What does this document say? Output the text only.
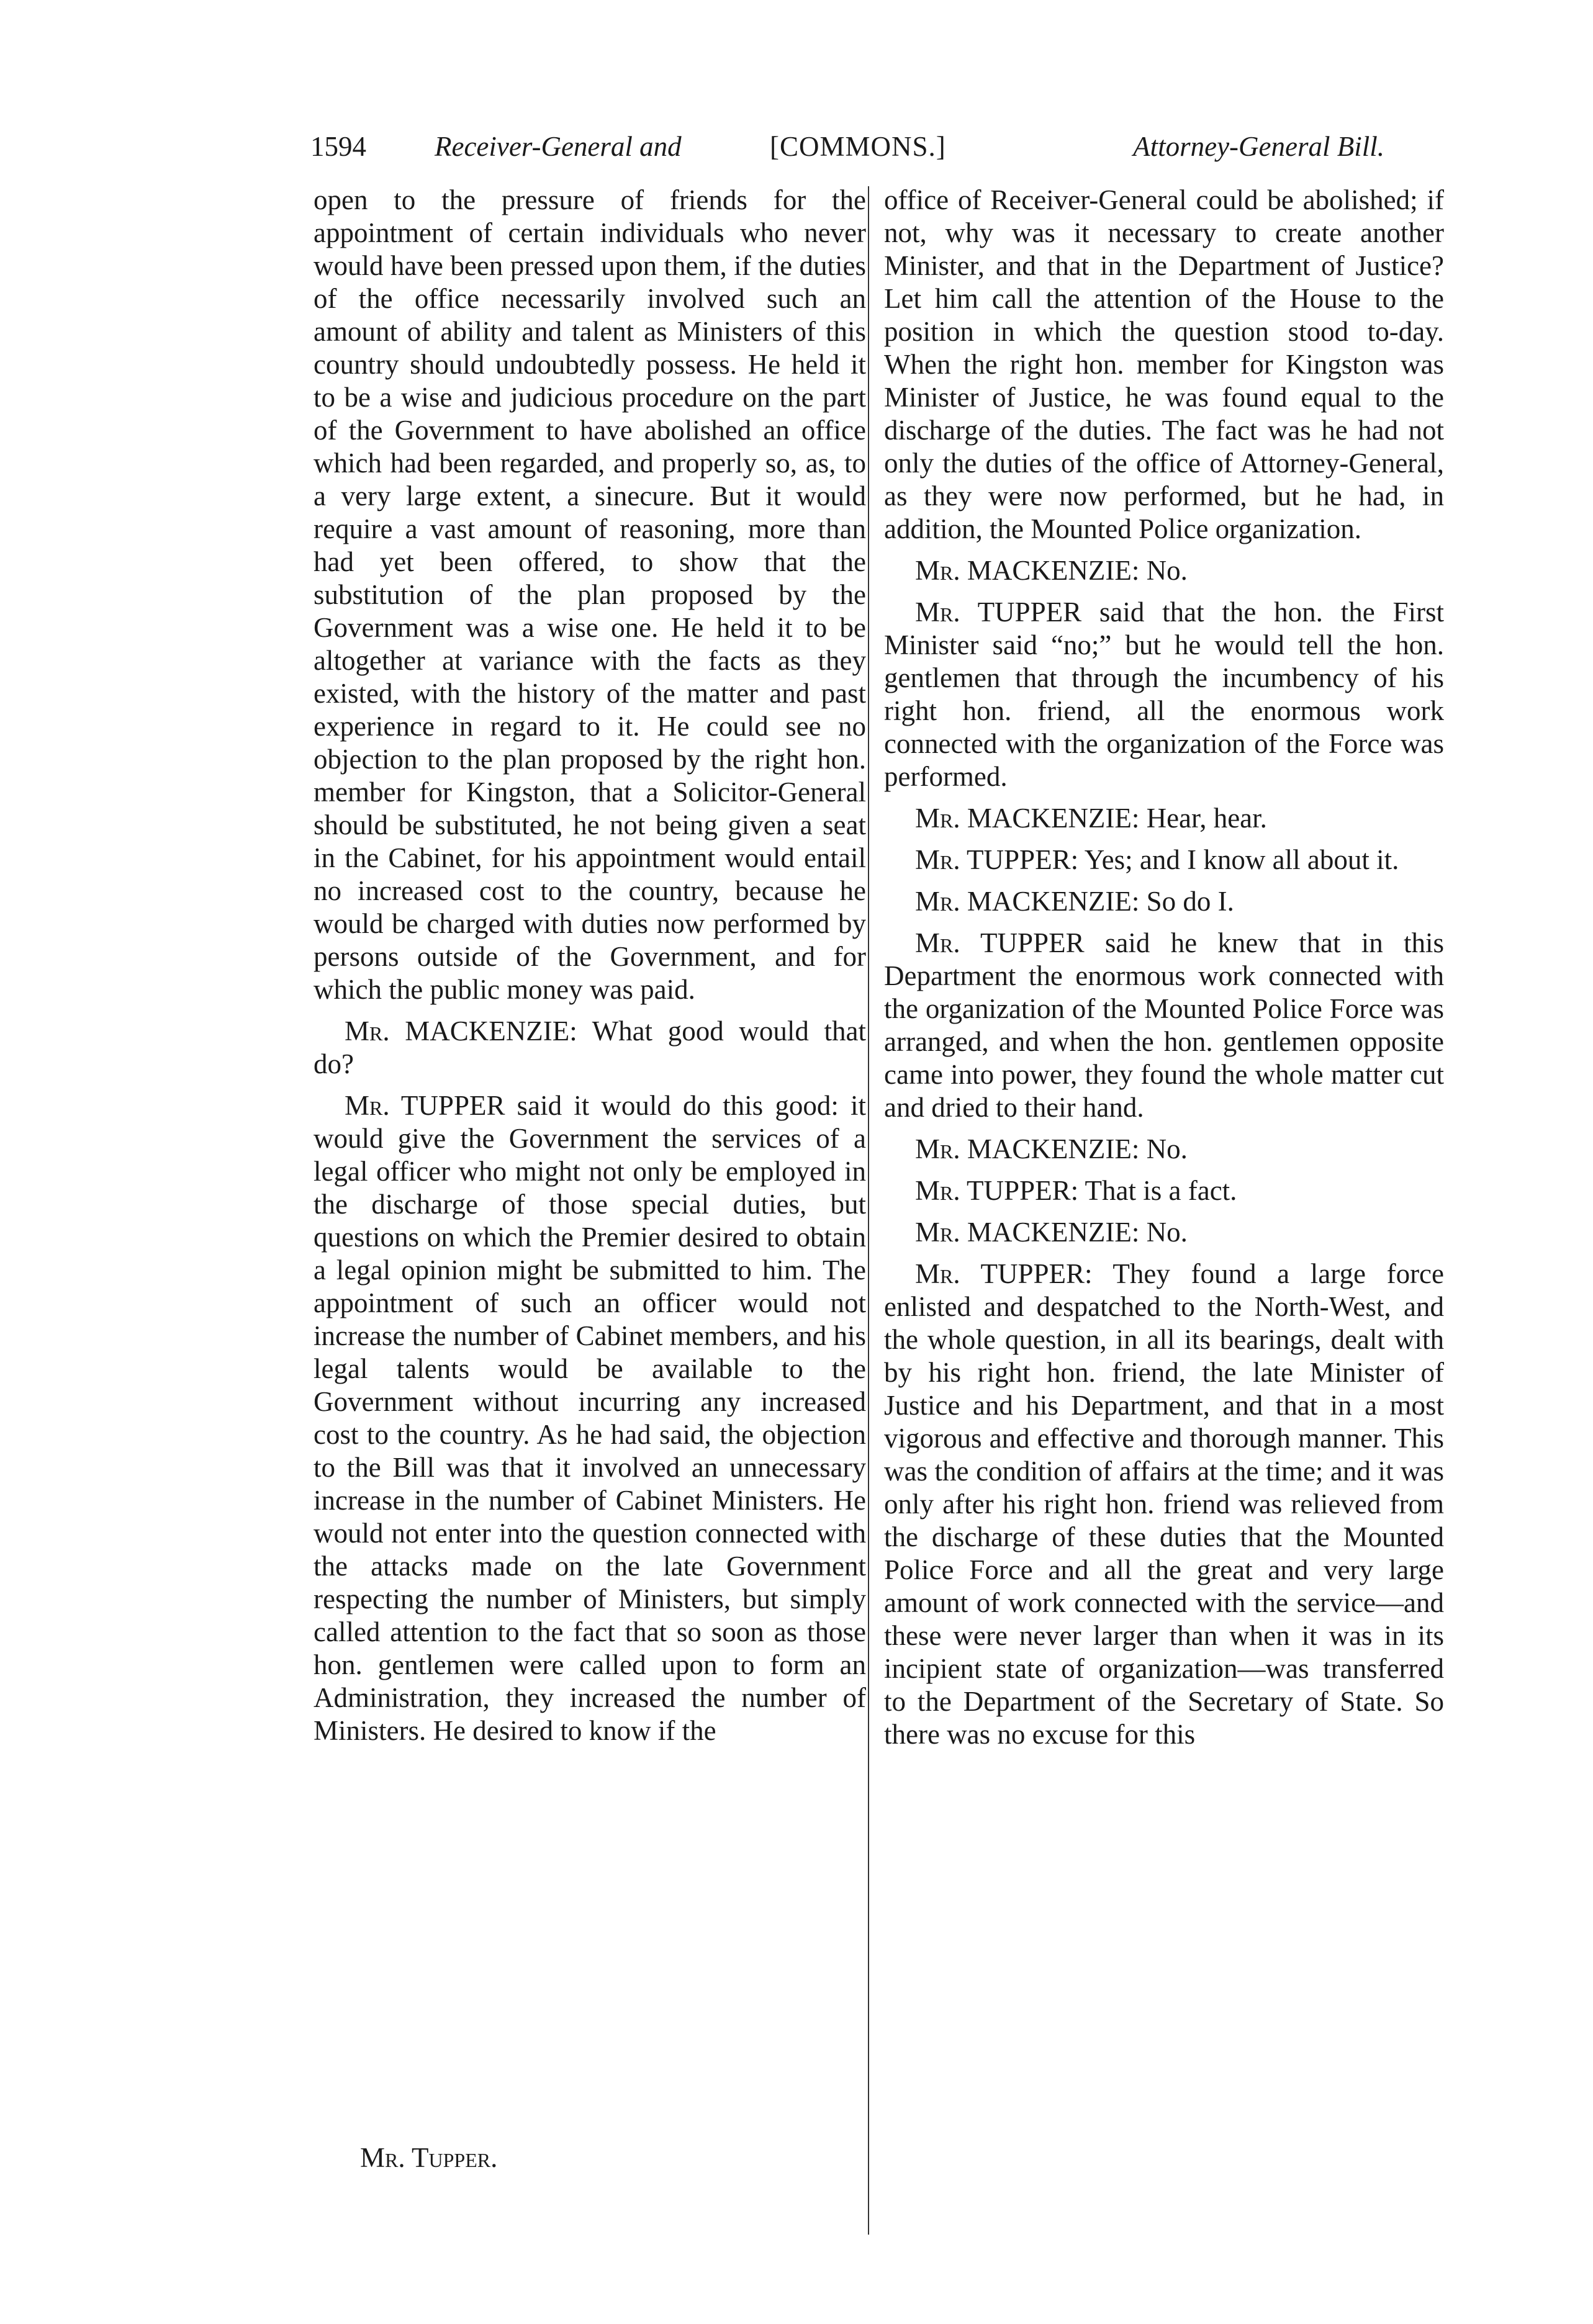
1594 Receiver-General and	[COMMONS.]	Attorney-General Bill.

open to the pressure of friends for the appointment of certain individuals who never would have been pressed upon them, if the duties of the office necessarily involved such an amount of ability and talent as Ministers of this country should undoubtedly possess. He held it to be a wise and judicious procedure on the part of the Government to have abolished an office which had been regarded, and properly so, as, to a very large extent, a sinecure. But it would require a vast amount of reasoning, more than had yet been offered, to show that the substitution of the plan proposed by the Government was a wise one. He held it to be altogether at variance with the facts as they existed, with the history of the matter and past experience in regard to it. He could see no objection to the plan proposed by the right hon. member for Kingston, that a Solicitor-General should be substituted, he not being given a seat in the Cabinet, for his appointment would entail no increased cost to the country, because he would be charged with duties now performed by persons outside of the Government, and for which the public money was paid.

Mr. MACKENZIE: What good would that do?

Mr. TUPPER said it would do this good: it would give the Government the services of a legal officer who might not only be employed in the discharge of those special duties, but questions on which the Premier desired to obtain a legal opinion might be submitted to him. The appointment of such an officer would not increase the number of Cabinet members, and his legal talents would be available to the Government without incurring any increased cost to the country. As he had said, the objection to the Bill was that it involved an unnecessary increase in the number of Cabinet Ministers. He would not enter into the question connected with the attacks made on the late Government respecting the number of Ministers, but simply called attention to the fact that so soon as those hon. gentlemen were called upon to form an Administration, they increased the number of Ministers. He desired to know if the

office of Receiver-General could be abolished; if not, why was it necessary to create another Minister, and that in the Department of Justice? Let him call the attention of the House to the position in which the question stood to-day. When the right hon. member for Kingston was Minister of Justice, he was found equal to the discharge of the duties. The fact was he had not only the duties of the office of Attorney-General, as they were now performed, but he had, in addition, the Mounted Police organization.

Mr. MACKENZIE: No.

Mr. TUPPER said that the hon. the First Minister said “no;” but he would tell the hon. gentlemen that through the incumbency of his right hon. friend, all the enormous work connected with the organization of the Force was performed.

Mr. MACKENZIE: Hear, hear.

Mr. TUPPER: Yes; and I know all about it.

Mr. MACKENZIE: So do I.

Mr. TUPPER said he knew that in this Department the enormous work connected with the organization of the Mounted Police Force was arranged, and when the hon. gentlemen opposite came into power, they found the whole matter cut and dried to their hand.

Mr. MACKENZIE: No.

Mr. TUPPER: That is a fact.

Mr. MACKENZIE: No.

Mr. TUPPER: They found a large force enlisted and despatched to the North-West, and the whole question, in all its bearings, dealt with by his right hon. friend, the late Minister of Justice and his Department, and that in a most vigorous and effective and thorough manner. This was the condition of affairs at the time; and it was only after his right hon. friend was relieved from the discharge of these duties that the Mounted Police Force and all the great and very large amount of work connected with the service—and these were never larger than when it was in its incipient state of organization—was transferred to the Department of the Secretary of State. So there was no excuse for this

Mr. Tupper.
